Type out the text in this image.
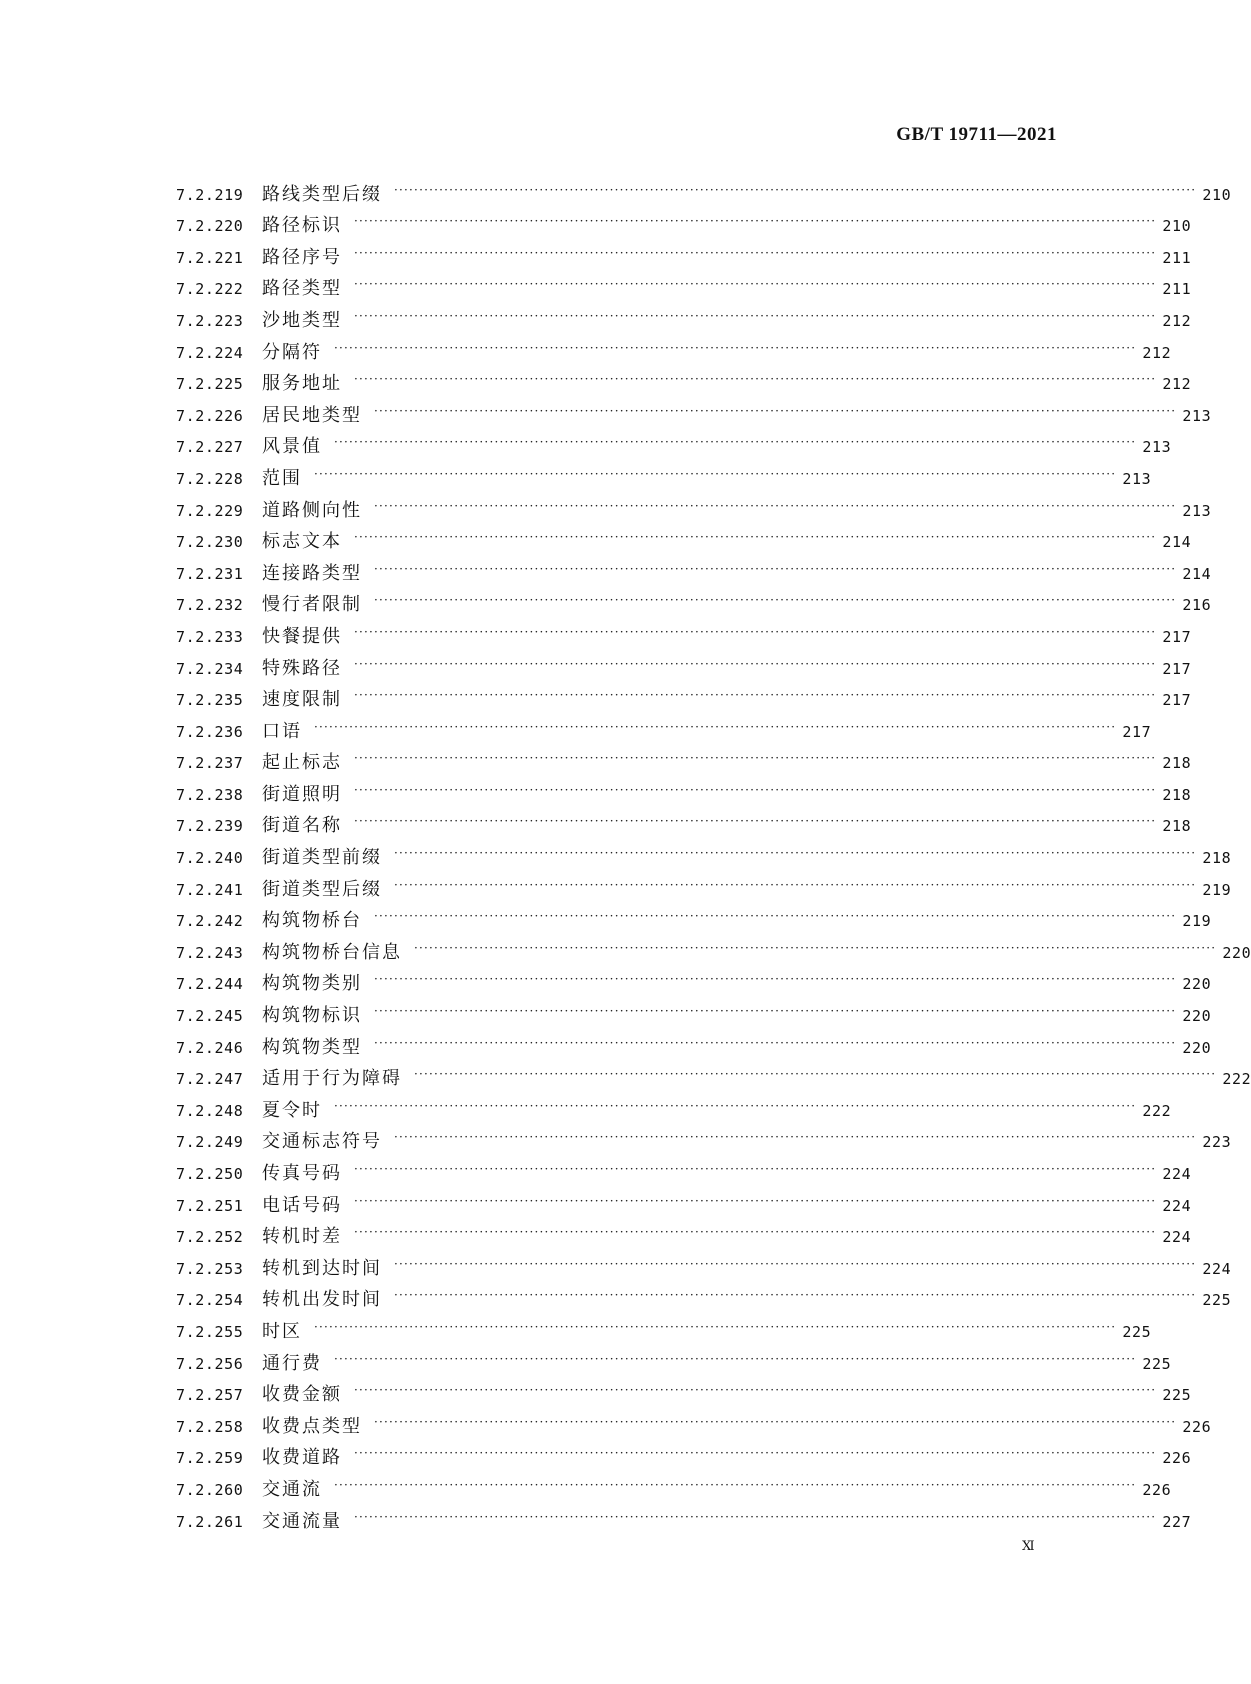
GB/T 19711—2021
7.2.219	路线类型后缀	································································································································································ 210
7.2.220	路径标识	································································································································································ 210
7.2.221	路径序号	································································································································································ 211
7.2.222	路径类型	································································································································································ 211
7.2.223	沙地类型	································································································································································ 212
7.2.224	分隔符	································································································································································ 212
7.2.225	服务地址	································································································································································ 212
7.2.226	居民地类型	································································································································································ 213
7.2.227	风景值	································································································································································ 213
7.2.228	范围	································································································································································ 213
7.2.229	道路侧向性	································································································································································ 213
7.2.230	标志文本	································································································································································ 214
7.2.231	连接路类型	································································································································································ 214
7.2.232	慢行者限制	································································································································································ 216
7.2.233	快餐提供	································································································································································ 217
7.2.234	特殊路径	································································································································································ 217
7.2.235	速度限制	································································································································································ 217
7.2.236	口语	································································································································································ 217
7.2.237	起止标志	································································································································································ 218
7.2.238	街道照明	································································································································································ 218
7.2.239	街道名称	································································································································································ 218
7.2.240	街道类型前缀	································································································································································ 218
7.2.241	街道类型后缀	································································································································································ 219
7.2.242	构筑物桥台	································································································································································ 219
7.2.243	构筑物桥台信息	································································································································································ 220
7.2.244	构筑物类别	································································································································································ 220
7.2.245	构筑物标识	································································································································································ 220
7.2.246	构筑物类型	································································································································································ 220
7.2.247	适用于行为障碍	································································································································································ 222
7.2.248	夏令时	································································································································································ 222
7.2.249	交通标志符号	································································································································································ 223
7.2.250	传真号码	································································································································································ 224
7.2.251	电话号码	································································································································································ 224
7.2.252	转机时差	································································································································································ 224
7.2.253	转机到达时间	································································································································································ 224
7.2.254	转机出发时间	································································································································································ 225
7.2.255	时区	································································································································································ 225
7.2.256	通行费	································································································································································ 225
7.2.257	收费金额	································································································································································ 225
7.2.258	收费点类型	································································································································································ 226
7.2.259	收费道路	································································································································································ 226
7.2.260	交通流	································································································································································ 226
7.2.261	交通流量	································································································································································ 227
Ⅺ
